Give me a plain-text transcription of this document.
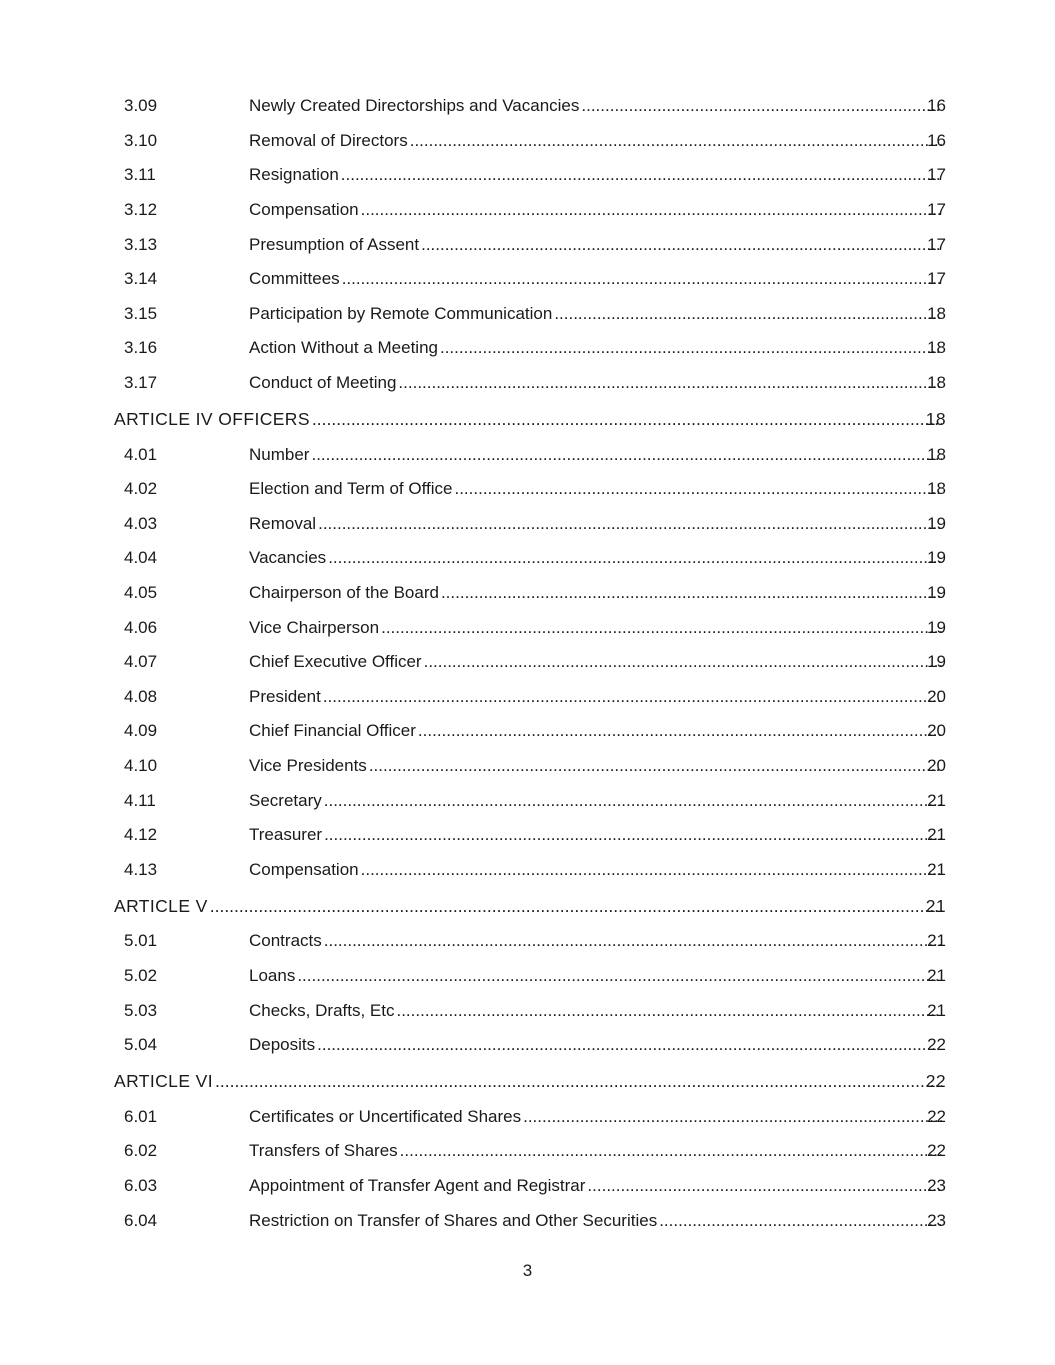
3.09	Newly Created Directorships and Vacancies .....	16
3.10	Removal of Directors .....	16
3.11	Resignation .....	17
3.12	Compensation .....	17
3.13	Presumption of Assent .....	17
3.14	Committees .....	17
3.15	Participation by Remote Communication .....	18
3.16	Action Without a Meeting .....	18
3.17	Conduct of Meeting .....	18
ARTICLE IV OFFICERS .....	18
4.01	Number .....	18
4.02	Election and Term of Office .....	18
4.03	Removal .....	19
4.04	Vacancies .....	19
4.05	Chairperson of the Board .....	19
4.06	Vice Chairperson .....	19
4.07	Chief Executive Officer .....	19
4.08	President .....	20
4.09	Chief Financial Officer .....	20
4.10	Vice Presidents .....	20
4.11	Secretary .....	21
4.12	Treasurer .....	21
4.13	Compensation .....	21
ARTICLE V .....	21
5.01	Contracts .....	21
5.02	Loans .....	21
5.03	Checks, Drafts, Etc .....	21
5.04	Deposits .....	22
ARTICLE VI .....	22
6.01	Certificates or Uncertificated Shares .....	22
6.02	Transfers of Shares .....	22
6.03	Appointment of Transfer Agent and Registrar .....	23
6.04	Restriction on Transfer of Shares and Other Securities .....	23
3
